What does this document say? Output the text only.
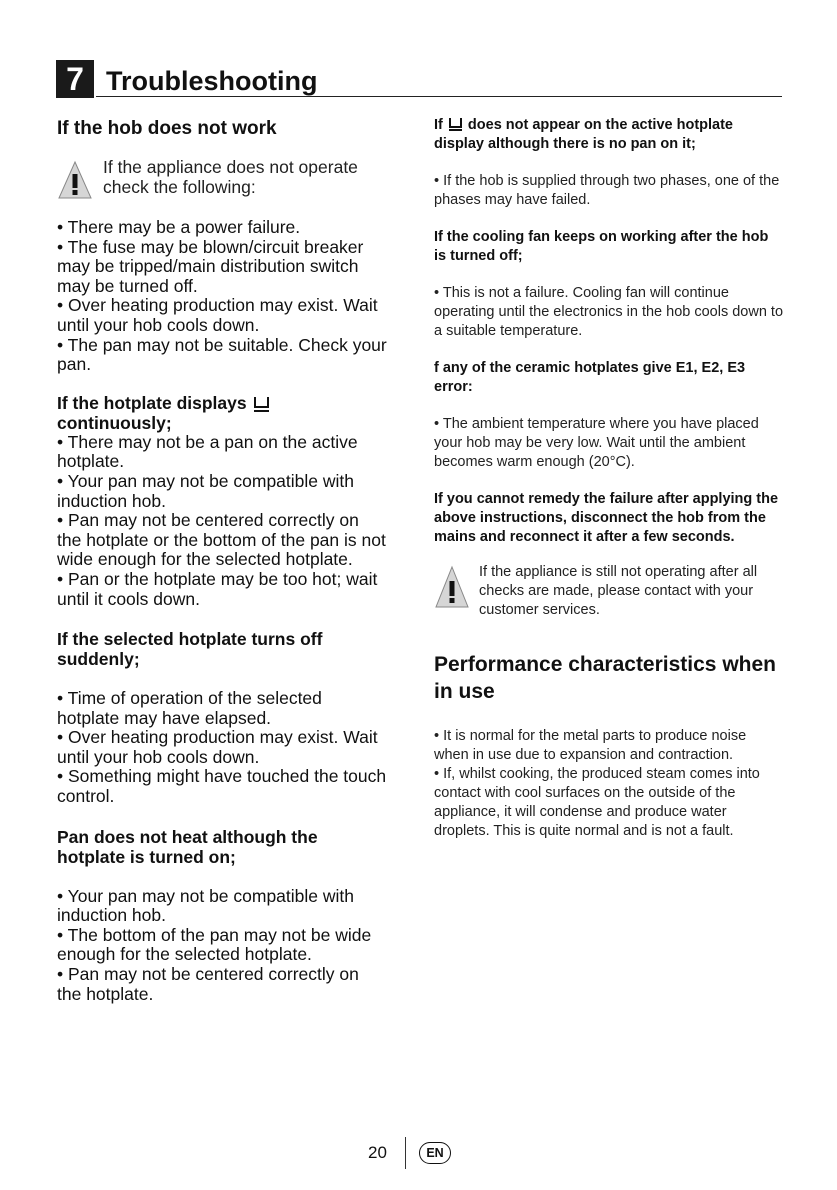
7 Troubleshooting
If the hob does not work

If the appliance does not operate check the following:

• There may be a power failure.

• The fuse may be blown/circuit breaker may be tripped/main distribution switch may be turned off.

• Over heating production may exist. Wait until your hob cools down.

• The pan may not be suitable. Check your pan.

If the hotplate displays
continuously;

• There may not be a pan on the active hotplate.

• Your pan may not be compatible with induction hob.

• Pan may not be centered correctly on the hotplate or the bottom of the pan is not wide enough for the selected hotplate.

• Pan or the hotplate may be too hot; wait until it cools down.

If the selected hotplate turns off suddenly;

• Time of operation of the selected hotplate may have elapsed.

• Over heating production may exist. Wait until your hob cools down.

• Something might have touched the touch control.

Pan does not heat although the hotplate is turned on;

• Your pan may not be compatible with induction hob.

• The bottom of the pan may not be wide enough for the selected hotplate.

• Pan may not be centered correctly on the hotplate.

If does not appear on the active hotplate display although there is no pan on it;

• If the hob is supplied through two phases, one of the phases may have failed.

If the cooling fan keeps on working after the hob is turned off;

• This is not a failure. Cooling fan will continue operating until the electronics in the hob cools down to a suitable temperature.

f any of the ceramic hotplates give E1, E2, E3 error:

• The ambient temperature where you have placed your hob may be very low. Wait until the ambient becomes warm enough (20°C).

If you cannot remedy the failure after applying the above instructions, disconnect the hob from the mains and reconnect it after a few seconds.

If the appliance is still not operating after all checks are made, please contact with your customer services.

Performance characteristics when in use

• It is normal for the metal parts to produce noise when in use due to expansion and contraction.

• If, whilst cooking, the produced steam comes into contact with cool surfaces on the outside of the appliance, it will condense and produce water droplets. This is quite normal and is not a fault.

20	EN
